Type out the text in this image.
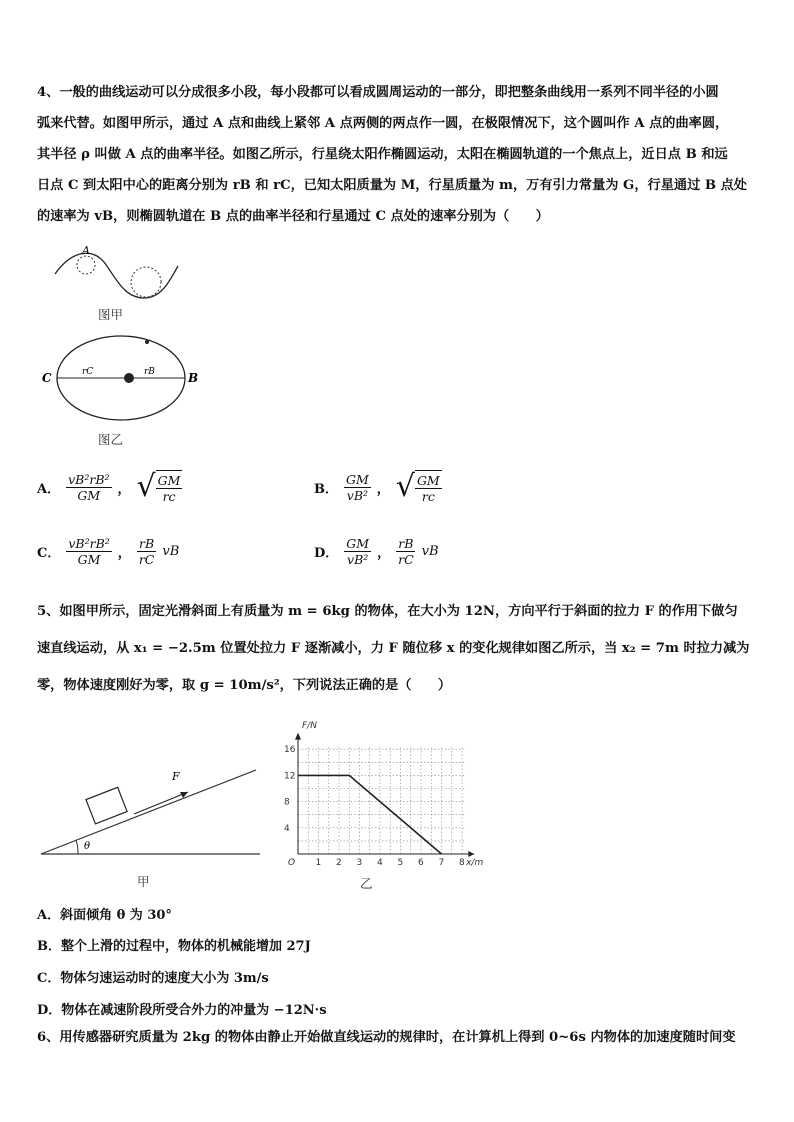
4、一般的曲线运动可以分成很多小段，每小段都可以看成圆周运动的一部分，即把整条曲线用一系列不同半径的小圆
弧来代替。如图甲所示，通过 A 点和曲线上紧邻 A 点两侧的两点作一圆，在极限情况下，这个圆叫作 A 点的曲率圆，
其半径 ρ 叫做 A 点的曲率半径。如图乙所示，行星绕太阳作椭圆运动，太阳在椭圆轨道的一个焦点上，近日点 B 和远
日点 C 到太阳中心的距离分别为 rB 和 rC，已知太阳质量为 M，行星质量为 m，万有引力常量为 G，行星通过 B 点处
的速率为 vB，则椭圆轨道在 B 点的曲率半径和行星通过 C 点处的速率分别为（　　）
A
图甲
C	B
rC	rB
图乙
A． $\frac{\text{vB²rB²}}{GM}$ ， √ $\frac{GM}{rc}$	B． $\frac{GM}{\text{vB²}}$ ， √ $\frac{GM}{rc}$
C． $\frac{\text{vB²rB²}}{GM}$ ， $\frac{rB}{rC}$ vB	D． $\frac{GM}{\text{vB²}}$ ， $\frac{rB}{rC}$ vB
5、如图甲所示，固定光滑斜面上有质量为 m = 6kg 的物体，在大小为 12N，方向平行于斜面的拉力 F 的作用下做匀
速直线运动，从 x₁ = −2.5m 位置处拉力 F 逐渐减小，力 F 随位移 x 的变化规律如图乙所示，当 x₂ = 7m 时拉力减为
零，物体速度刚好为零，取 g = 10m/s²，下列说法正确的是（　　）
F
θ
甲
1 2 3 4 5 6 7 8
4
8
12
16
O	x/m
F/N
乙
A．斜面倾角 θ 为 30°
B．整个上滑的过程中，物体的机械能增加 27J
C．物体匀速运动时的速度大小为 3m/s
D．物体在减速阶段所受合外力的冲量为 −12N·s
6、用传感器研究质量为 2kg 的物体由静止开始做直线运动的规律时，在计算机上得到 0~6s 内物体的加速度随时间变
